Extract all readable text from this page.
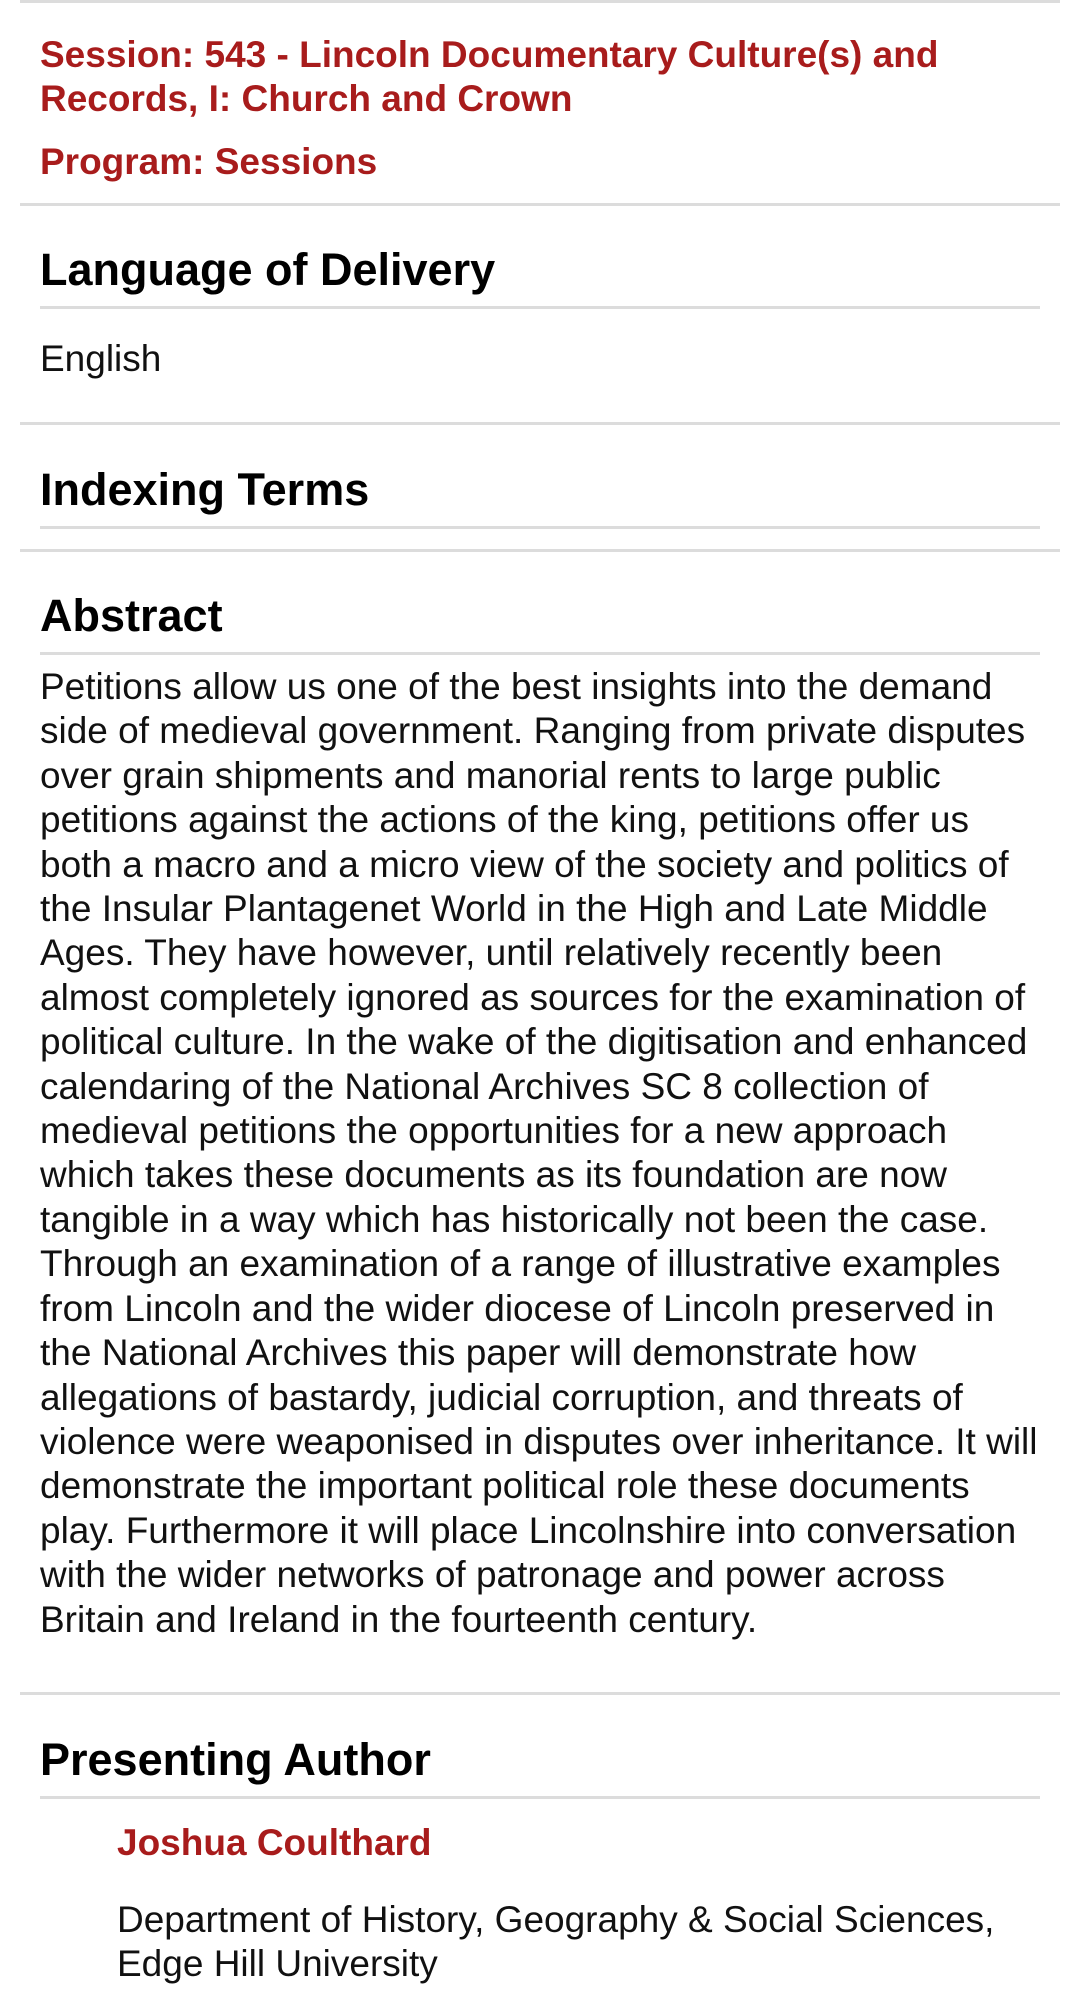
Session: 543 - Lincoln Documentary Culture(s) and Records, I: Church and Crown
Program: Sessions
Language of Delivery
English
Indexing Terms
Abstract
Petitions allow us one of the best insights into the demand side of medieval government. Ranging from private disputes over grain shipments and manorial rents to large public petitions against the actions of the king, petitions offer us both a macro and a micro view of the society and politics of the Insular Plantagenet World in the High and Late Middle Ages. They have however, until relatively recently been almost completely ignored as sources for the examination of political culture. In the wake of the digitisation and enhanced calendaring of the National Archives SC 8 collection of medieval petitions the opportunities for a new approach which takes these documents as its foundation are now tangible in a way which has historically not been the case. Through an examination of a range of illustrative examples from Lincoln and the wider diocese of Lincoln preserved in the National Archives this paper will demonstrate how allegations of bastardy, judicial corruption, and threats of violence were weaponised in disputes over inheritance. It will demonstrate the important political role these documents play. Furthermore it will place Lincolnshire into conversation with the wider networks of patronage and power across Britain and Ireland in the fourteenth century.
Presenting Author
Joshua Coulthard
Department of History, Geography & Social Sciences, Edge Hill University
